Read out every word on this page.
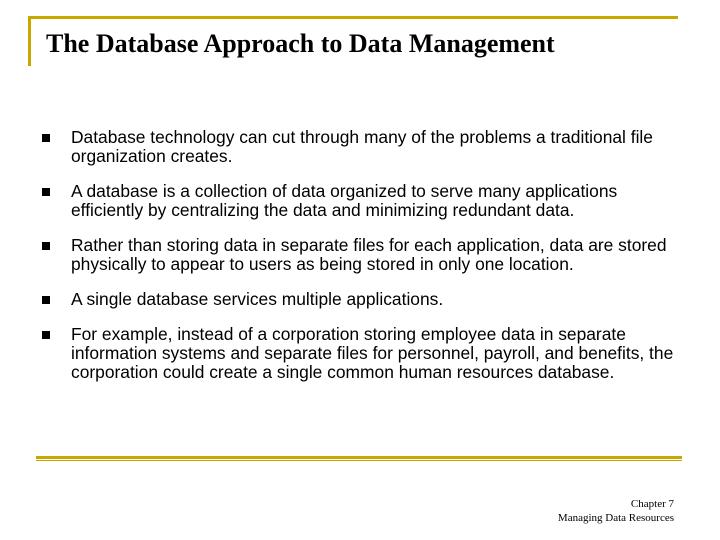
The Database Approach to Data Management
Database technology can cut through many of the problems a traditional file organization creates.
A database is a collection of data organized to serve many applications efficiently by centralizing the data and minimizing redundant data.
Rather than storing data in separate files for each application, data are stored physically to appear to users as being stored in only one location.
A single database services multiple applications.
For example, instead of a corporation storing employee data in separate information systems and separate files for personnel, payroll, and benefits, the corporation could create a single common human resources database.
Chapter 7
Managing Data Resources
